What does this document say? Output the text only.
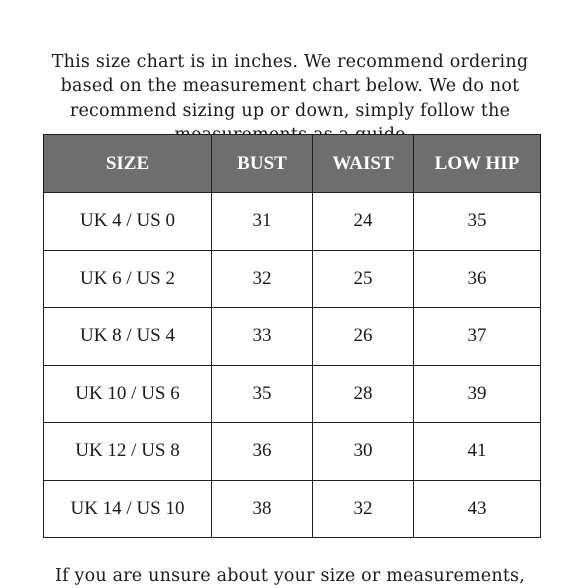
This size chart is in inches. We recommend ordering based on the measurement chart below. We do not recommend sizing up or down, simply follow the

SIZE	BUST	WAIST	LOW HIP
UK 4 / US 0	31	24	35
UK 6 / US 2	32	25	36
UK 8 / US 4	33	26	37
UK 10 / US 6	35	28	39
UK 12 / US 8	36	30	41
UK 14 / US 10	38	32	43

If you are unsure about your size or measurements,
